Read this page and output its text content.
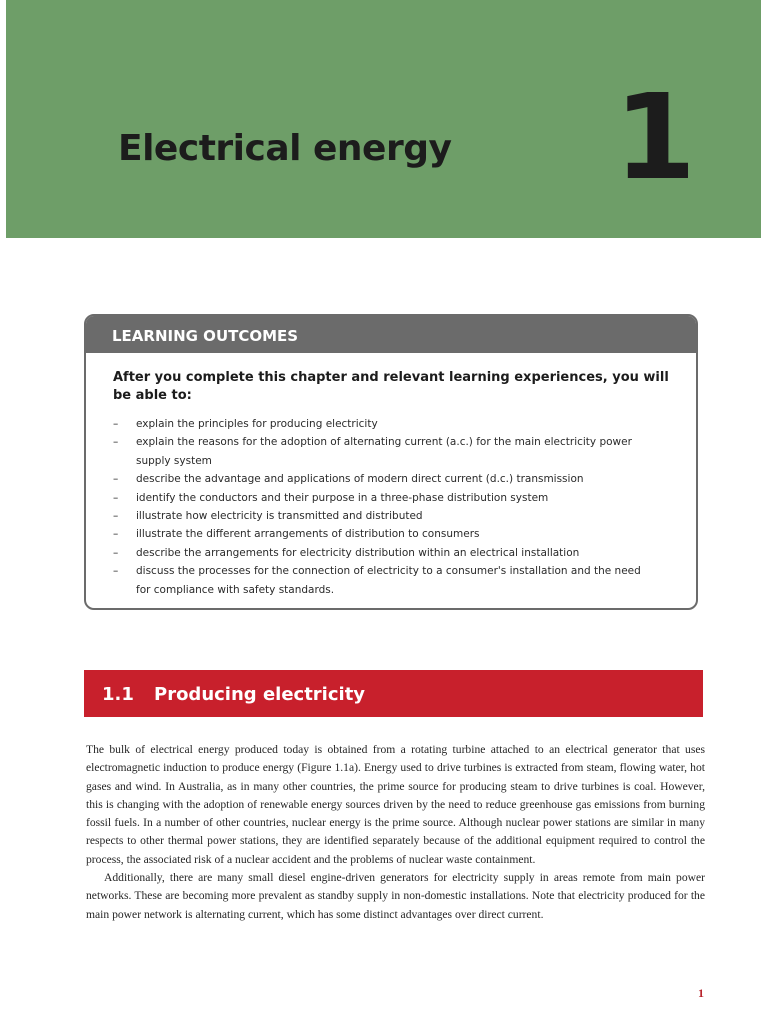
Electrical energy 1
LEARNING OUTCOMES
After you complete this chapter and relevant learning experiences, you will be able to:
– explain the principles for producing electricity
– explain the reasons for the adoption of alternating current (a.c.) for the main electricity power supply system
– describe the advantage and applications of modern direct current (d.c.) transmission
– identify the conductors and their purpose in a three-phase distribution system
– illustrate how electricity is transmitted and distributed
– illustrate the different arrangements of distribution to consumers
– describe the arrangements for electricity distribution within an electrical installation
– discuss the processes for the connection of electricity to a consumer's installation and the need for compliance with safety standards.
1.1 Producing electricity

The bulk of electrical energy produced today is obtained from a rotating turbine attached to an electrical generator that uses electromagnetic induction to produce energy (Figure 1.1a). Energy used to drive turbines is extracted from steam, flowing water, hot gases and wind. In Australia, as in many other countries, the prime source for producing steam to drive turbines is coal. However, this is changing with the adoption of renewable energy sources driven by the need to reduce greenhouse gas emissions from burning fossil fuels. In a number of other countries, nuclear energy is the prime source. Although nuclear power stations are similar in many respects to other thermal power stations, they are identified separately because of the additional equipment required to control the process, the associated risk of a nuclear accident and the problems of nuclear waste containment.

Additionally, there are many small diesel engine-driven generators for electricity supply in areas remote from main power networks. These are becoming more prevalent as standby supply in non-domestic installations. Note that electricity produced for the main power network is alternating current, which has some distinct advantages over direct current.

1
